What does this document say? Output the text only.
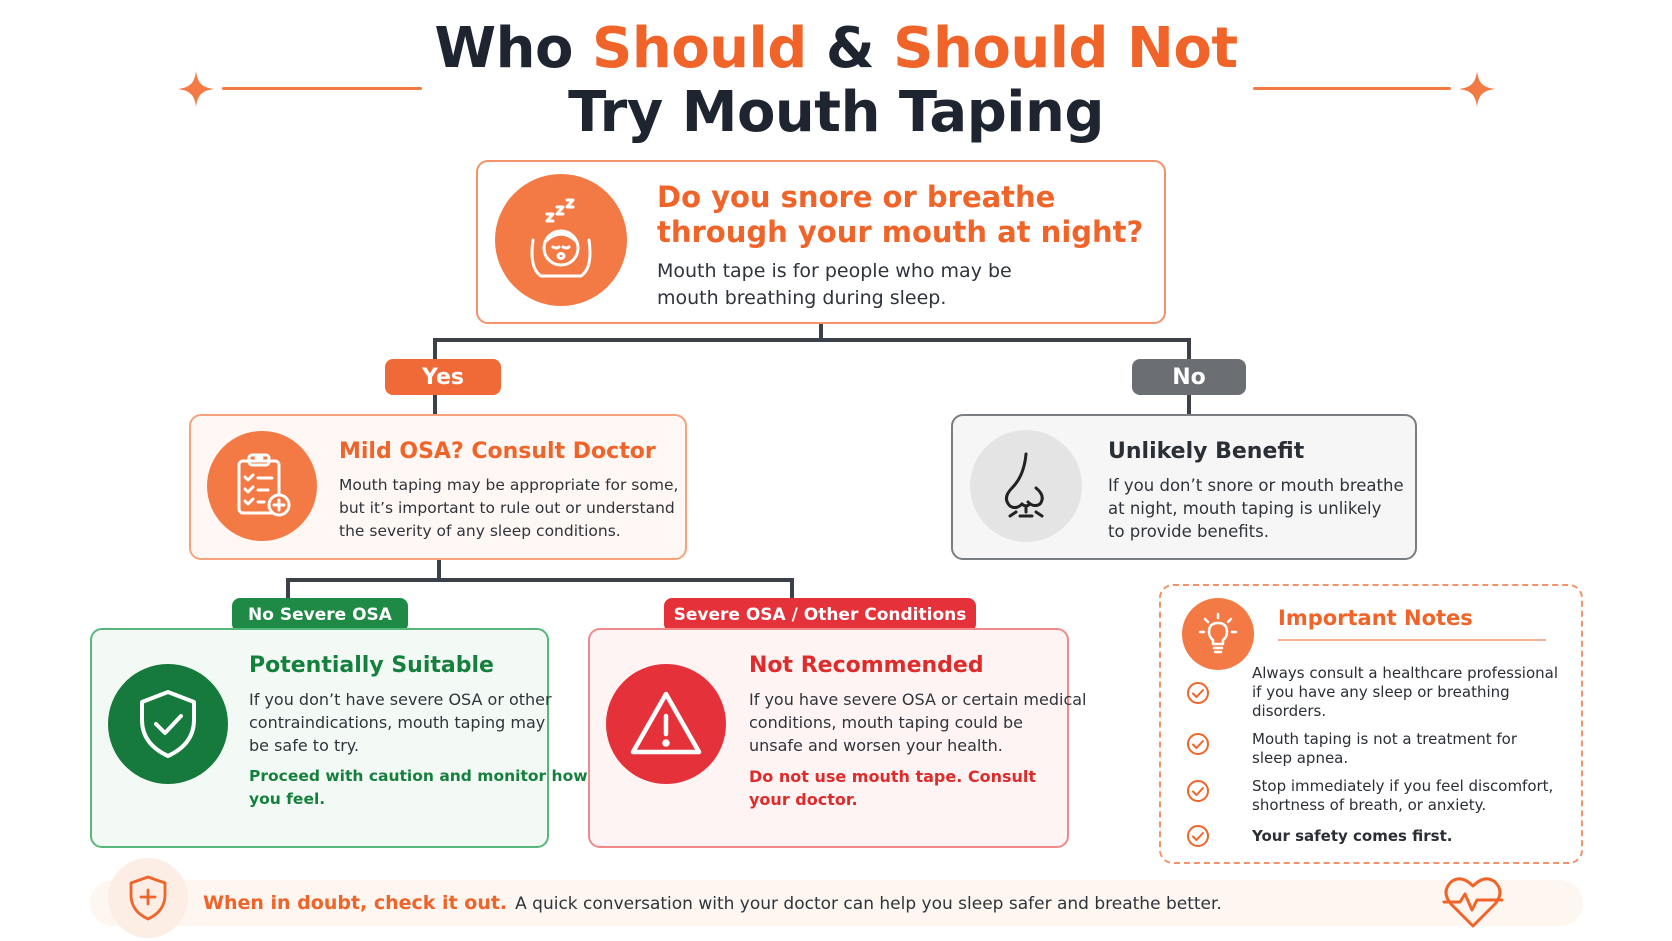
Who Should & Should Not
Try Mouth Taping
Do you snore or breathe
through your mouth at night?
Mouth tape is for people who may be
mouth breathing during sleep.
Yes	No
Mild OSA? Consult Doctor
Mouth taping may be appropriate for some,
but it’s important to rule out or understand
the severity of any sleep conditions.
Unlikely Benefit
If you don’t snore or mouth breathe
at night, mouth taping is unlikely
to provide benefits.
No Severe OSA	Severe OSA / Other Conditions
Potentially Suitable
If you don’t have severe OSA or other
contraindications, mouth taping may
be safe to try.
Proceed with caution and monitor how
you feel.
Not Recommended
If you have severe OSA or certain medical
conditions, mouth taping could be
unsafe and worsen your health.
Do not use mouth tape. Consult
your doctor.
Important Notes
Always consult a healthcare professional
if you have any sleep or breathing
disorders.
Mouth taping is not a treatment for
sleep apnea.
Stop immediately if you feel discomfort,
shortness of breath, or anxiety.
Your safety comes first.
When in doubt, check it out. A quick conversation with your doctor can help you sleep safer and breathe better.
